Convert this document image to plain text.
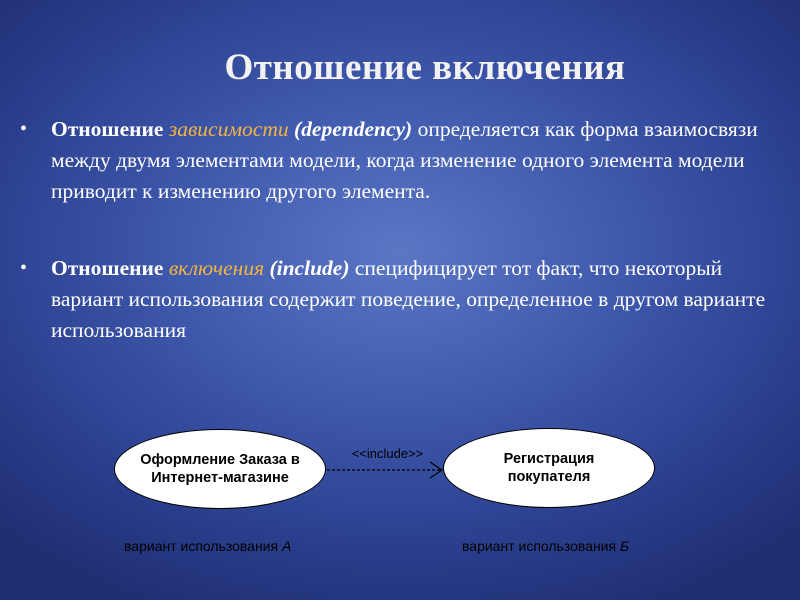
Отношение включения
• Отношение зависимости (dependency) определяется как форма взаимосвязи между двумя элементами модели, когда изменение одного элемента модели приводит к изменению другого элемента.
• Отношение включения (include) специфицирует тот факт, что некоторый вариант использования содержит поведение, определенное в другом варианте использования
Оформление Заказа в
Интернет-магазине
Регистрация
покупателя
<<include>>
вариант использования А	вариант использования Б
